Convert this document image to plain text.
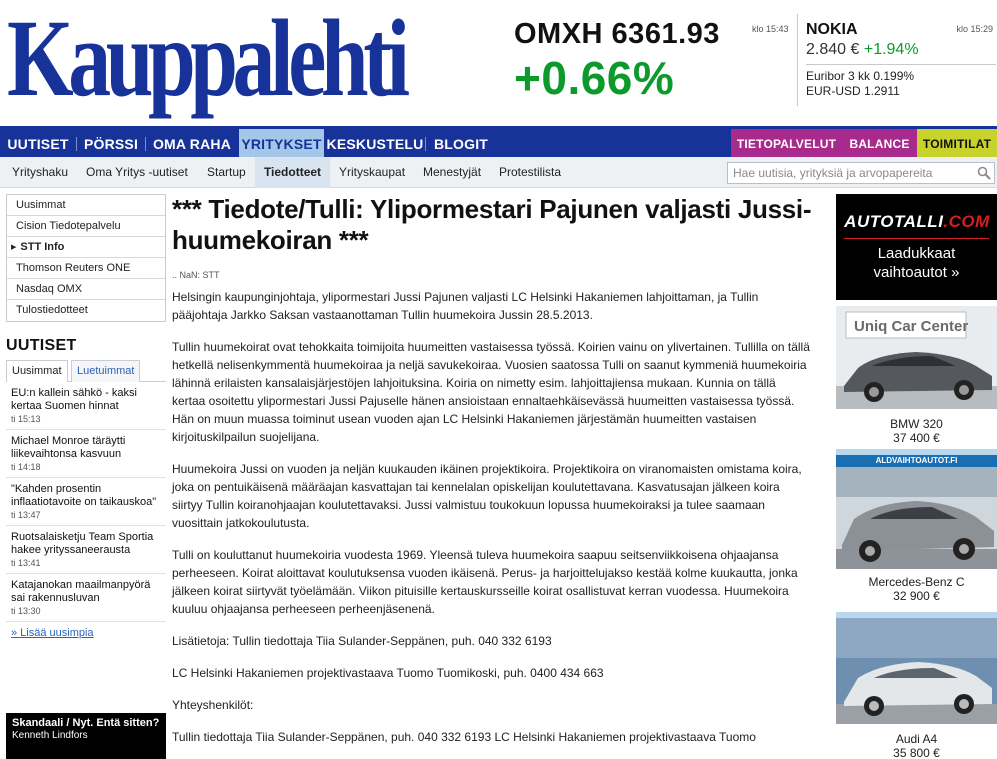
Kauppalehti	OMXH 6361.93
+0.66%
klo 15:43	klo 15:29
NOKIA
2.840 € +1.94%
Euribor 3 kk 0.199%
EUR-USD 1.2911
UUTISET	PÖRSSI	OMA RAHA YRITYKSET KESKUSTELU BLOGIT	TIETOPALVELUT	BALANCE	TOIMITILAT
Yrityshaku Oma Yritys -uutiset Startup	Tiedotteet	Yrityskaupat Menestyjät Protestilista
Hae uutisia, yrityksiä ja arvopapereita
Uusimmat
Cision Tiedotepalvelu
▶ STT Info
Thomson Reuters ONE
Nasdaq OMX
Tulostiedotteet
UUTISET
Uusimmat	Luetuimmat
EU:n kallein sähkö - kaksi kertaa Suomen hinnat
ti 15:13
Michael Monroe täräytti liikevaihtonsa kasvuun
ti 14:18
"Kahden prosentin inflaatiotavoite on taikauskoa"
ti 13:47
Ruotsalaisketju Team Sportia hakee yrityssaneerausta
ti 13:41
Katajanokan maailmanpyörä sai rakennusluvan
ti 13:30
» Lisää uusimpia
Skandaali / Nyt. Entä sitten?
Kenneth Lindfors
*** Tiedote/Tulli: Ylipormestari Pajunen valjasti Jussi-huumekoiran ***
.. NaN: STT
Helsingin kaupunginjohtaja, ylipormestari Jussi Pajunen valjasti LC Helsinki Hakaniemen lahjoittaman, ja Tullin pääjohtaja Jarkko Saksan vastaanottaman Tullin huumekoira Jussin 28.5.2013.
Tullin huumekoirat ovat tehokkaita toimijoita huumeitten vastaisessa työssä. Koirien vainu on ylivertainen. Tullilla on tällä hetkellä nelisenkymmentä huumekoiraa ja neljä savukekoiraa. Vuosien saatossa Tulli on saanut kymmeniä huumekoiria lähinnä erilaisten kansalaisjärjestöjen lahjoituksina. Koiria on nimetty esim. lahjoittajiensa mukaan. Kunnia on tällä kertaa osoitettu ylipormestari Jussi Pajuselle hänen ansioistaan ennaltaehkäisevässä huumeitten vastaisessa työssä. Hän on muun muassa toiminut usean vuoden ajan LC Helsinki Hakaniemen järjestämän huumeitten vastaisen kirjoituskilpailun suojelijana.
Huumekoira Jussi on vuoden ja neljän kuukauden ikäinen projektikoira. Projektikoira on viranomaisten omistama koira, joka on pentuikäisenä määräajan kasvattajan tai kennelalan opiskelijan koulutettavana. Kasvatusajan jälkeen koira siirtyy Tullin koiranohjaajan koulutettavaksi. Jussi valmistuu toukokuun lopussa huumekoiraksi ja tulee saamaan vuosittain jatkokoulutusta.
Tulli on kouluttanut huumekoiria vuodesta 1969. Yleensä tuleva huumekoira saapuu seitsenviikkoisena ohjaajansa perheeseen. Koirat aloittavat koulutuksensa vuoden ikäisenä. Perus- ja harjoittelujakso kestää kolme kuukautta, jonka jälkeen koirat siirtyvät työelämään. Viikon pituisille kertauskursseille koirat osallistuvat kerran vuodessa. Huumekoira kuuluu ohjaajansa perheeseen perheenjäsenenä.
Lisätietoja: Tullin tiedottaja Tiia Sulander-Seppänen, puh. 040 332 6193
LC Helsinki Hakaniemen projektivastaava Tuomo Tuomikoski, puh. 0400 434 663
Yhteyshenkilöt:
Tullin tiedottaja Tiia Sulander-Seppänen, puh. 040 332 6193 LC Helsinki Hakaniemen projektivastaava Tuomo
AUTOTALLI.COM
Laadukkaat
vaihtoautot »
Uniq Car Center
BMW 320
37 400 €
ALDVAIHTOAUTOT.FI
Mercedes-Benz C
32 900 €
Audi A4
35 800 €
